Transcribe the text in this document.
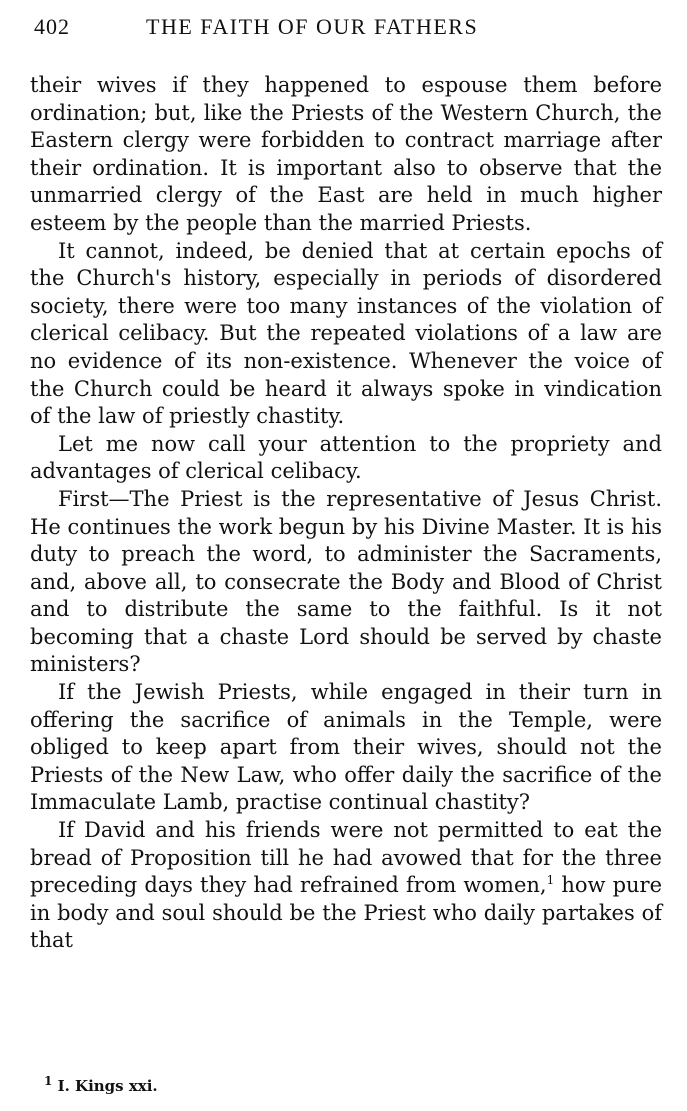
402	THE FAITH OF OUR FATHERS

their wives if they happened to espouse them before ordination; but, like the Priests of the Western Church, the Eastern clergy were forbidden to contract marriage after their ordination. It is important also to observe that the unmarried clergy of the East are held in much higher esteem by the people than the married Priests.

It cannot, indeed, be denied that at certain epochs of the Church's history, especially in periods of disordered society, there were too many instances of the violation of clerical celibacy. But the repeated violations of a law are no evidence of its non-existence. Whenever the voice of the Church could be heard it always spoke in vindication of the law of priestly chastity.

Let me now call your attention to the propriety and advantages of clerical celibacy.

First—The Priest is the representative of Jesus Christ. He continues the work begun by his Divine Master. It is his duty to preach the word, to administer the Sacraments, and, above all, to consecrate the Body and Blood of Christ and to distribute the same to the faithful. Is it not becoming that a chaste Lord should be served by chaste ministers?

If the Jewish Priests, while engaged in their turn in offering the sacrifice of animals in the Temple, were obliged to keep apart from their wives, should not the Priests of the New Law, who offer daily the sacrifice of the Immaculate Lamb, practise continual chastity?

If David and his friends were not permitted to eat the bread of Proposition till he had avowed that for the three preceding days they had refrained from women,$^1$ how pure in body and soul should be the Priest who daily partakes of that

$^1$ I. Kings xxi.
